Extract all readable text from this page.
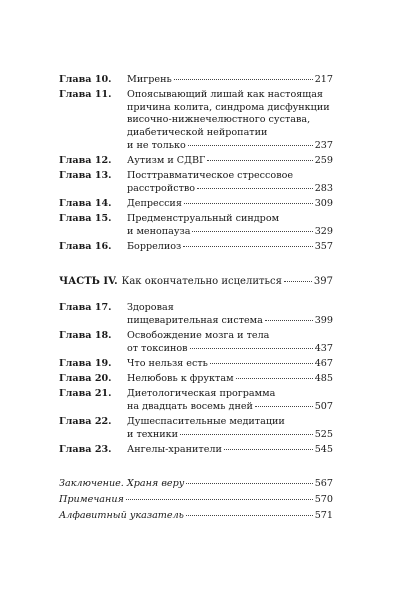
Глава 10.	Мигрень	217
Глава 11.	Опоясывающий лишай как настоящая
причина колита, синдрома дисфункции
височно-нижнечелюстного сустава,
диабетической нейропатии
и не только	237
Глава 12.	Аутизм и СДВГ	259
Глава 13.	Посттравматическое стрессовое
расстройство	283
Глава 14.	Депрессия	309
Глава 15.	Предменструальный синдром
и менопауза	329
Глава 16.	Боррелиоз	357
ЧАСТЬ IV. Как окончательно исцелиться	397
Глава 17.	Здоровая
пищеварительная система	399
Глава 18.	Освобождение мозга и тела
от токсинов	437
Глава 19.	Что нельзя есть	467
Глава 20.	Нелюбовь к фруктам	485
Глава 21.	Диетологическая программа
на двадцать восемь дней	507
Глава 22.	Душеспасительные медитации
и техники	525
Глава 23.	Ангелы-хранители	545
Заключение. Храня веру	567
Примечания	570
Алфавитный указатель	571
